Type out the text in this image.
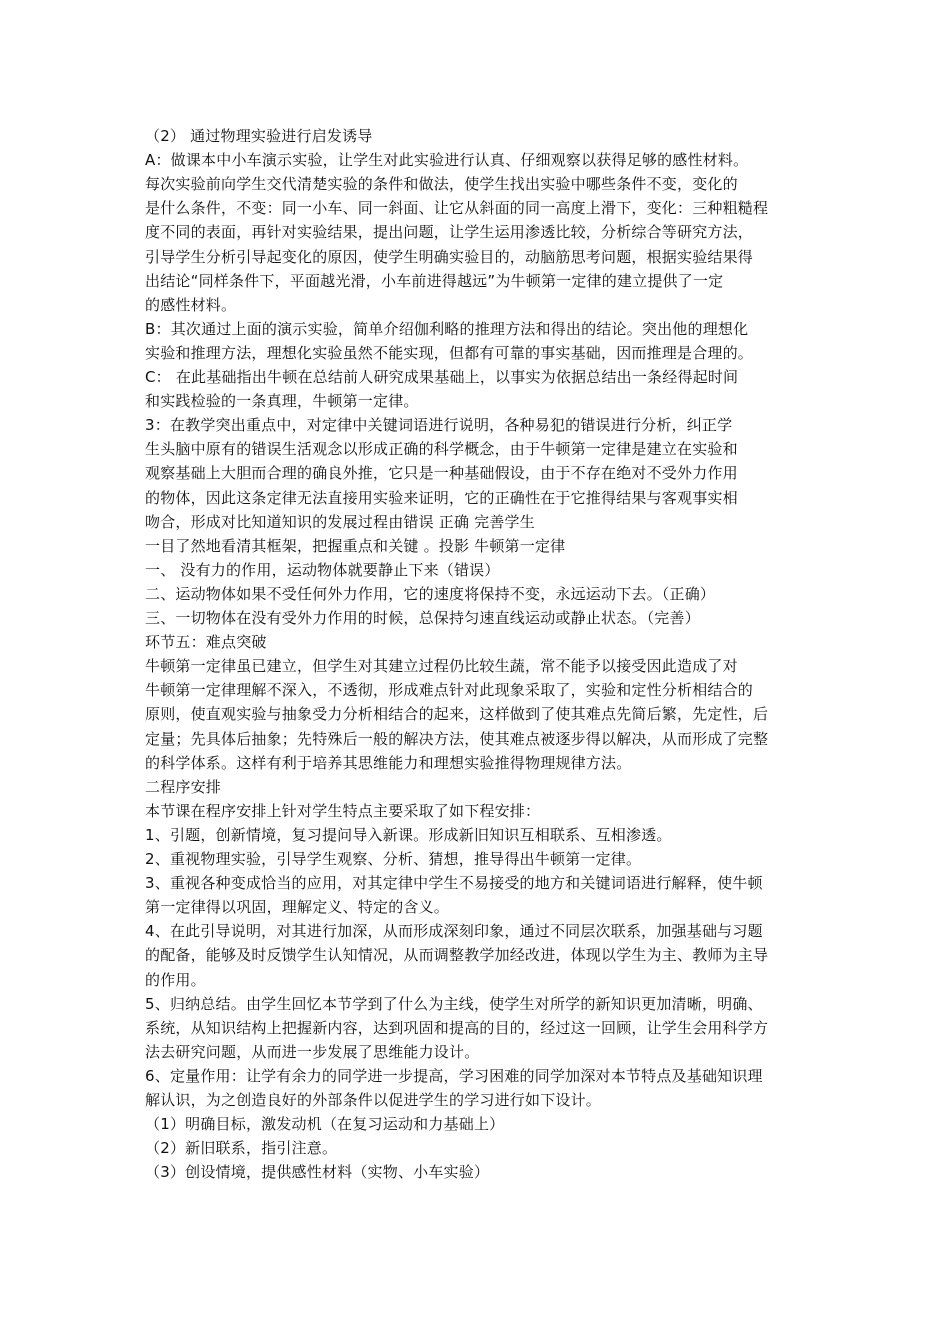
（2） 通过物理实验进行启发诱导
A：做课本中小车演示实验，让学生对此实验进行认真、仔细观察以获得足够的感性材料。
每次实验前向学生交代清楚实验的条件和做法，使学生找出实验中哪些条件不变，变化的
是什么条件，不变：同一小车、同一斜面、让它从斜面的同一高度上滑下，变化：三种粗糙程
度不同的表面，再针对实验结果，提出问题，让学生运用渗透比较，分析综合等研究方法，
引导学生分析引导起变化的原因，使学生明确实验目的，动脑筋思考问题，根据实验结果得
出结论“同样条件下，平面越光滑，小车前进得越远”为牛顿第一定律的建立提供了一定
的感性材料。
B：其次通过上面的演示实验，简单介绍伽利略的推理方法和得出的结论。突出他的理想化
实验和推理方法，理想化实验虽然不能实现，但都有可靠的事实基础，因而推理是合理的。
C： 在此基础指出牛顿在总结前人研究成果基础上，以事实为依据总结出一条经得起时间
和实践检验的一条真理，牛顿第一定律。
3：在教学突出重点中，对定律中关键词语进行说明，各种易犯的错误进行分析，纠正学
生头脑中原有的错误生活观念以形成正确的科学概念，由于牛顿第一定律是建立在实验和
观察基础上大胆而合理的确良外推，它只是一种基础假设，由于不存在绝对不受外力作用
的物体，因此这条定律无法直接用实验来证明，它的正确性在于它推得结果与客观事实相
吻合，形成对比知道知识的发展过程由错误 正确 完善学生
一目了然地看清其框架，把握重点和关键 。投影 牛顿第一定律
一、 没有力的作用，运动物体就要静止下来（错误）
二、运动物体如果不受任何外力作用，它的速度将保持不变，永远运动下去。（正确）
三、一切物体在没有受外力作用的时候，总保持匀速直线运动或静止状态。（完善）
环节五：难点突破
牛顿第一定律虽已建立，但学生对其建立过程仍比较生蔬，常不能予以接受因此造成了对
牛顿第一定律理解不深入，不透彻，形成难点针对此现象采取了，实验和定性分析相结合的
原则，使直观实验与抽象受力分析相结合的起来，这样做到了使其难点先简后繁，先定性，后
定量；先具体后抽象；先特殊后一般的解决方法，使其难点被逐步得以解决，从而形成了完整
的科学体系。这样有利于培养其思维能力和理想实验推得物理规律方法。
二程序安排
本节课在程序安排上针对学生特点主要采取了如下程安排：
1、引题，创新情境，复习提问导入新课。形成新旧知识互相联系、互相渗透。
2、重视物理实验，引导学生观察、分析、猜想，推导得出牛顿第一定律。
3、重视各种变成恰当的应用，对其定律中学生不易接受的地方和关键词语进行解释，使牛顿
第一定律得以巩固，理解定义、特定的含义。
4、在此引导说明，对其进行加深，从而形成深刻印象，通过不同层次联系，加强基础与习题
的配备，能够及时反馈学生认知情况，从而调整教学加经改进，体现以学生为主、教师为主导
的作用。
5、归纳总结。由学生回忆本节学到了什么为主线，使学生对所学的新知识更加清晰，明确、
系统，从知识结构上把握新内容，达到巩固和提高的目的，经过这一回顾，让学生会用科学方
法去研究问题，从而进一步发展了思维能力设计。
6、定量作用：让学有余力的同学进一步提高，学习困难的同学加深对本节特点及基础知识理
解认识，为之创造良好的外部条件以促进学生的学习进行如下设计。
（1）明确目标，激发动机（在复习运动和力基础上）
（2）新旧联系，指引注意。
（3）创设情境，提供感性材料（实物、小车实验）
